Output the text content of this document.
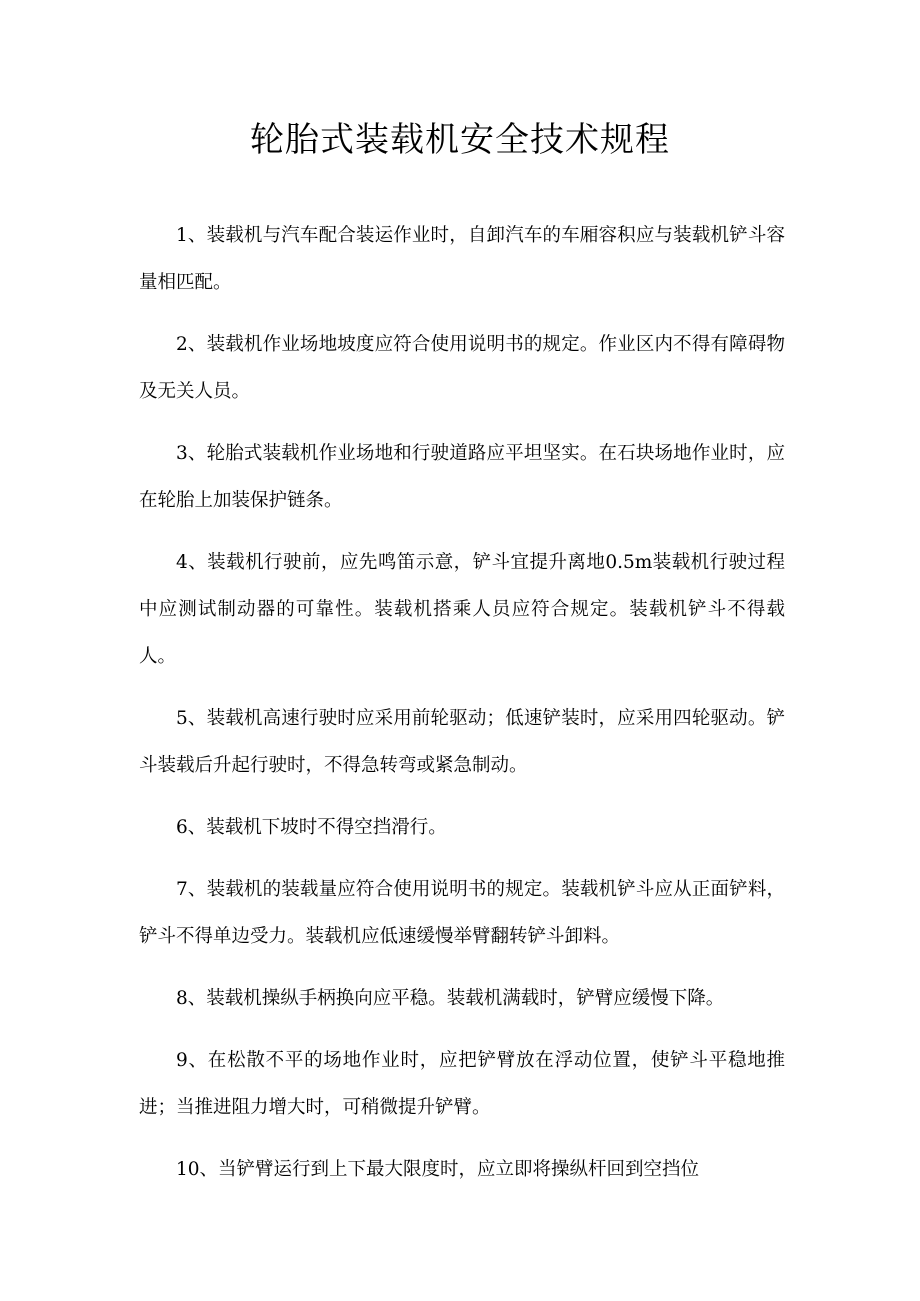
轮胎式装载机安全技术规程

1、装载机与汽车配合装运作业时，自卸汽车的车厢容积应与装载机铲斗容量相匹配。

2、装载机作业场地坡度应符合使用说明书的规定。作业区内不得有障碍物及无关人员。

3、轮胎式装载机作业场地和行驶道路应平坦坚实。在石块场地作业时，应在轮胎上加装保护链条。

4、装载机行驶前，应先鸣笛示意，铲斗宜提升离地0.5m装载机行驶过程中应测试制动器的可靠性。装载机搭乘人员应符合规定。装载机铲斗不得载人。

5、装载机高速行驶时应采用前轮驱动；低速铲装时，应采用四轮驱动。铲斗装载后升起行驶时，不得急转弯或紧急制动。

6、装载机下坡时不得空挡滑行。

7、装载机的装载量应符合使用说明书的规定。装载机铲斗应从正面铲料，铲斗不得单边受力。装载机应低速缓慢举臂翻转铲斗卸料。

8、装载机操纵手柄换向应平稳。装载机满载时，铲臂应缓慢下降。

9、在松散不平的场地作业时，应把铲臂放在浮动位置，使铲斗平稳地推进；当推进阻力增大时，可稍微提升铲臂。

10、当铲臂运行到上下最大限度时，应立即将操纵杆回到空挡位
